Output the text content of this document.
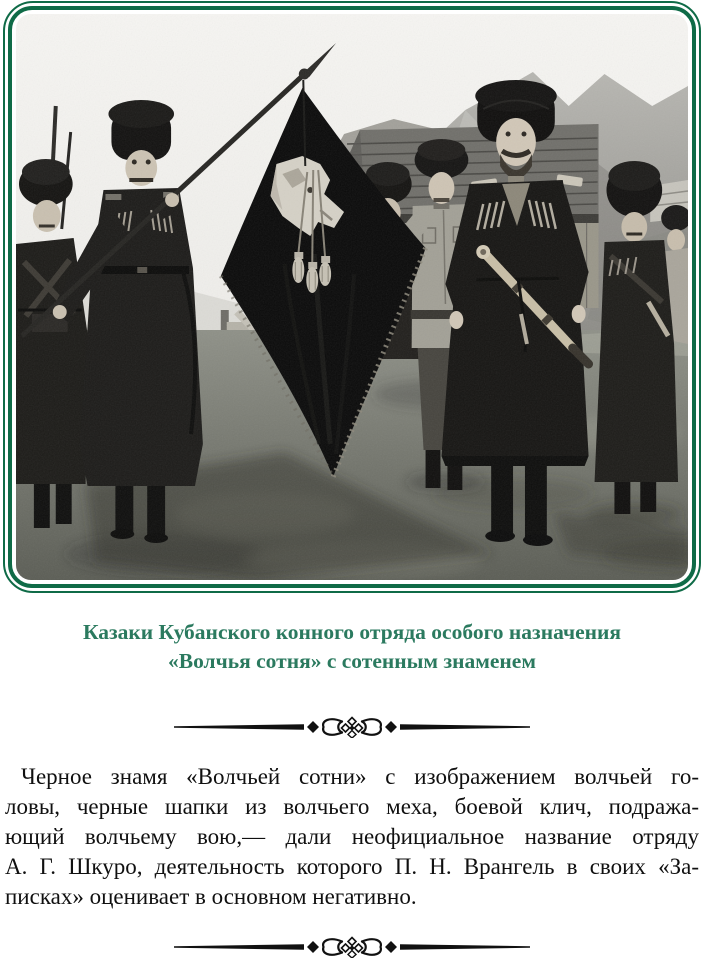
Казаки Кубанского конного отряда особого назначения
«Волчья сотня» с сотенным знаменем
Черное знамя «Волчьей сотни» с изображением волчьей го-
ловы, черные шапки из волчьего меха, боевой клич, подража-
ющий волчьему вою,— дали неофициальное название отряду
А. Г. Шкуро, деятельность которого П. Н. Врангель в своих «За-
писках» оценивает в основном негативно.
